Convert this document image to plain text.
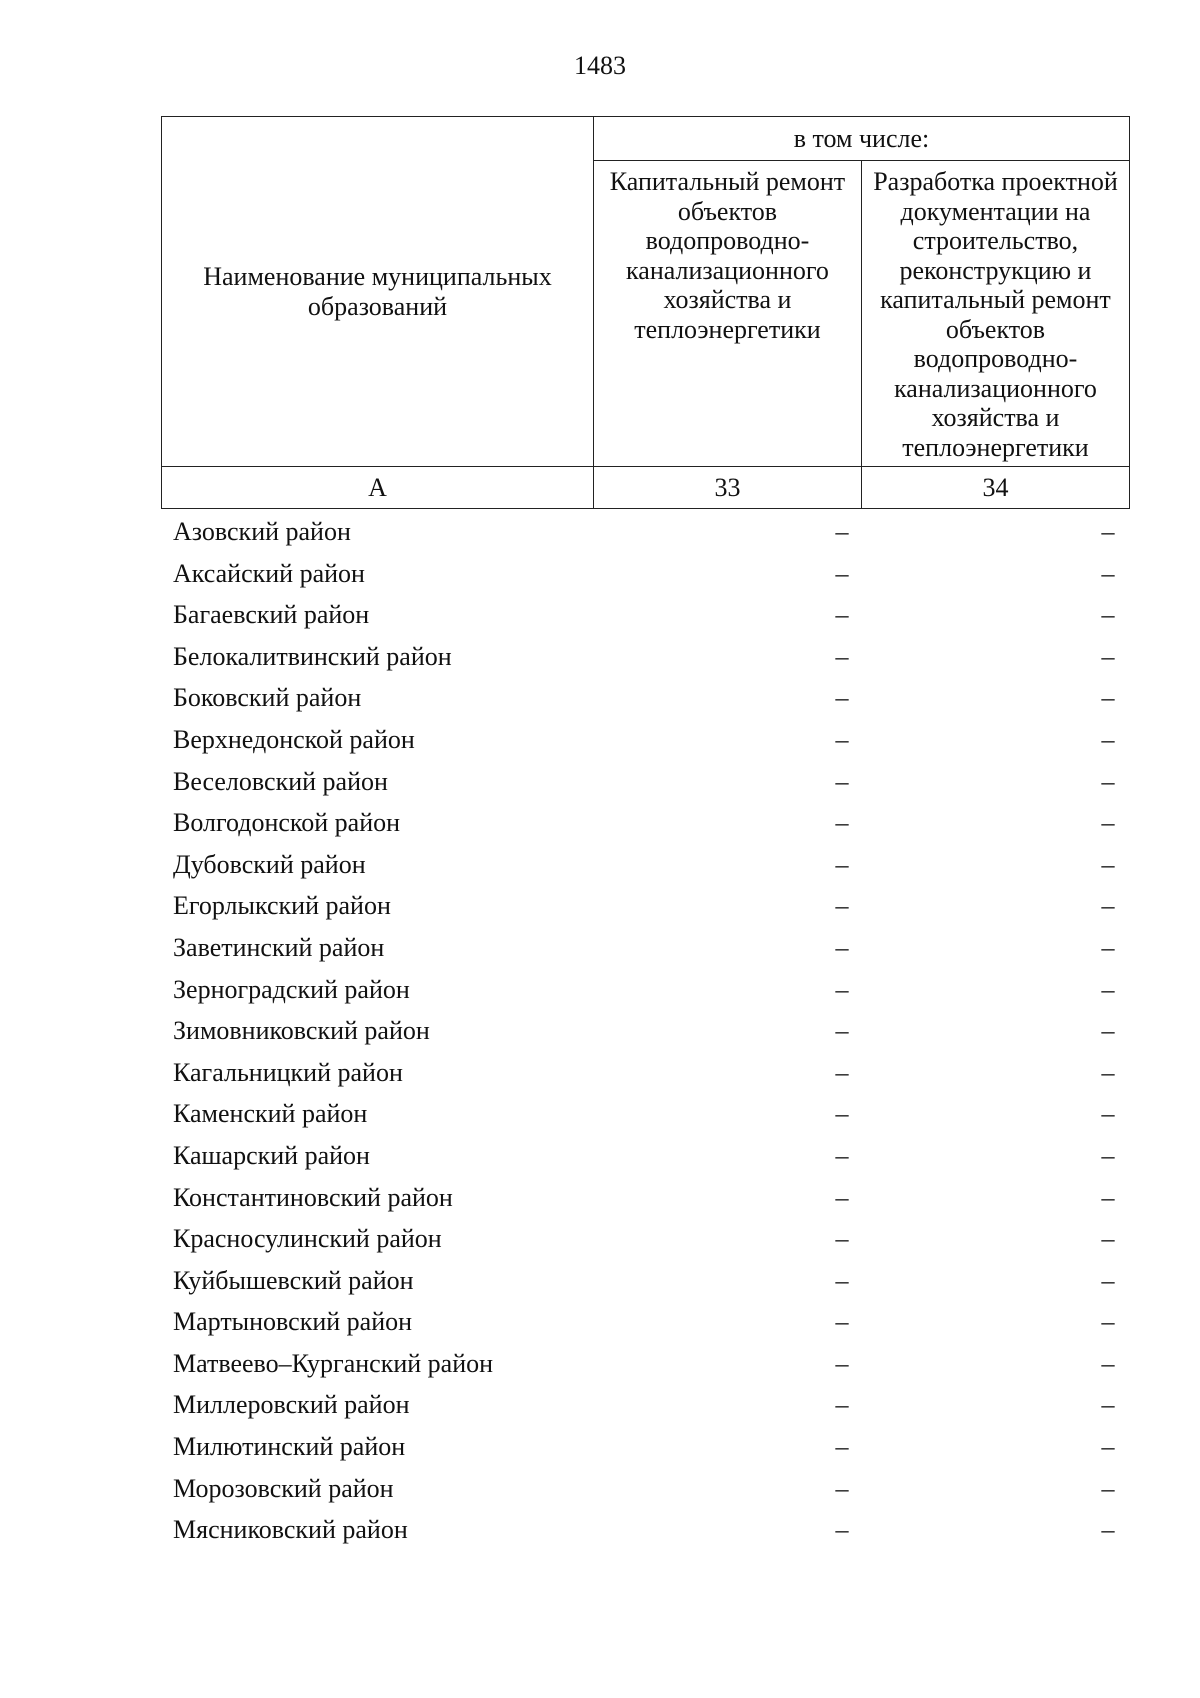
1483
Наименование муниципальных образований	в том числе:	
	Капитальный ремонт объектов водопроводно-канализационного хозяйства и теплоэнергетики	Разработка проектной документации на строительство, реконструкцию и капитальный ремонт объектов водопроводно-канализационного хозяйства и теплоэнергетики
А	33	34
Азовский район	–	–
Аксайский район	–	–
Багаевский район	–	–
Белокалитвинский район	–	–
Боковский район	–	–
Верхнедонской район	–	–
Веселовский район	–	–
Волгодонской район	–	–
Дубовский район	–	–
Егорлыкский район	–	–
Заветинский район	–	–
Зерноградский район	–	–
Зимовниковский район	–	–
Кагальницкий район	–	–
Каменский район	–	–
Кашарский район	–	–
Константиновский район	–	–
Красносулинский район	–	–
Куйбышевский район	–	–
Мартыновский район	–	–
Матвеево–Курганский район	–	–
Миллеровский район	–	–
Милютинский район	–	–
Морозовский район	–	–
Мясниковский район	–	–
